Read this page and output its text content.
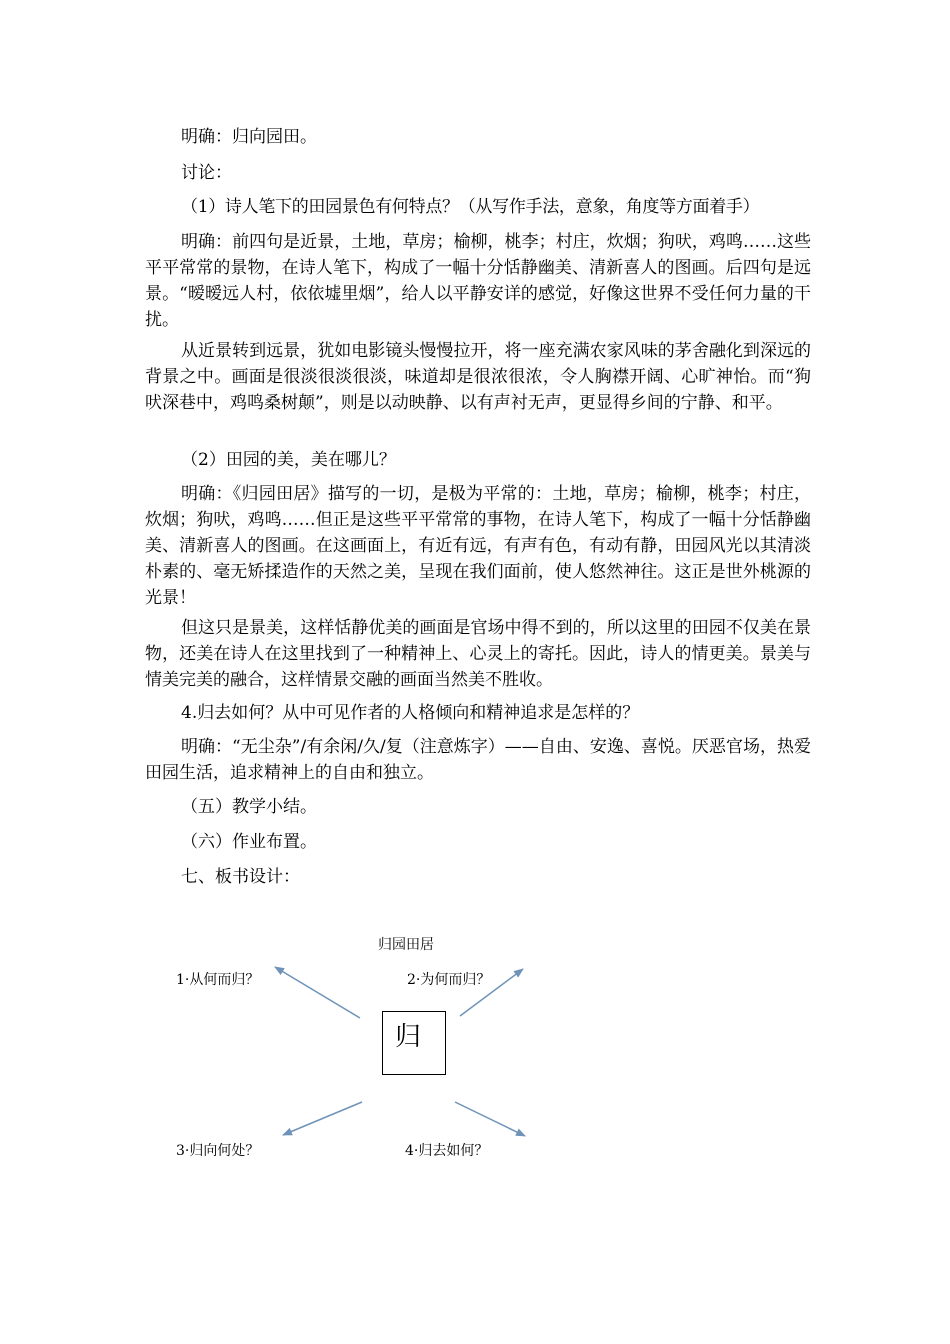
明确：归向园田。

讨论：

（1）诗人笔下的田园景色有何特点？（从写作手法，意象，角度等方面着手）

明确：前四句是近景，土地，草房；榆柳，桃李；村庄，炊烟；狗吠，鸡鸣……这些平平常常的景物，在诗人笔下，构成了一幅十分恬静幽美、清新喜人的图画。后四句是远景。“暧暧远人村，依依墟里烟”，给人以平静安详的感觉，好像这世界不受任何力量的干扰。

从近景转到远景，犹如电影镜头慢慢拉开，将一座充满农家风味的茅舍融化到深远的背景之中。画面是很淡很淡很淡，味道却是很浓很浓，令人胸襟开阔、心旷神怡。而“狗吠深巷中，鸡鸣桑树颠”，则是以动映静、以有声衬无声，更显得乡间的宁静、和平。

（2）田园的美，美在哪儿？

明确：《归园田居》描写的一切，是极为平常的：土地，草房；榆柳，桃李；村庄，炊烟；狗吠，鸡鸣……但正是这些平平常常的事物，在诗人笔下，构成了一幅十分恬静幽美、清新喜人的图画。在这画面上，有近有远，有声有色，有动有静，田园风光以其清淡朴素的、毫无矫揉造作的天然之美，呈现在我们面前，使人悠然神往。这正是世外桃源的光景！

但这只是景美，这样恬静优美的画面是官场中得不到的，所以这里的田园不仅美在景物，还美在诗人在这里找到了一种精神上、心灵上的寄托。因此，诗人的情更美。景美与情美完美的融合，这样情景交融的画面当然美不胜收。

4.归去如何？从中可见作者的人格倾向和精神追求是怎样的？

明确：“无尘杂”/有余闲/久/复（注意炼字）——自由、安逸、喜悦。厌恶官场，热爱田园生活，追求精神上的自由和独立。

（五）教学小结。

（六）作业布置。

七、板书设计：

归园田居
1·从何而归？	2·为何而归？
3·归向何处？	4·归去如何？
归
